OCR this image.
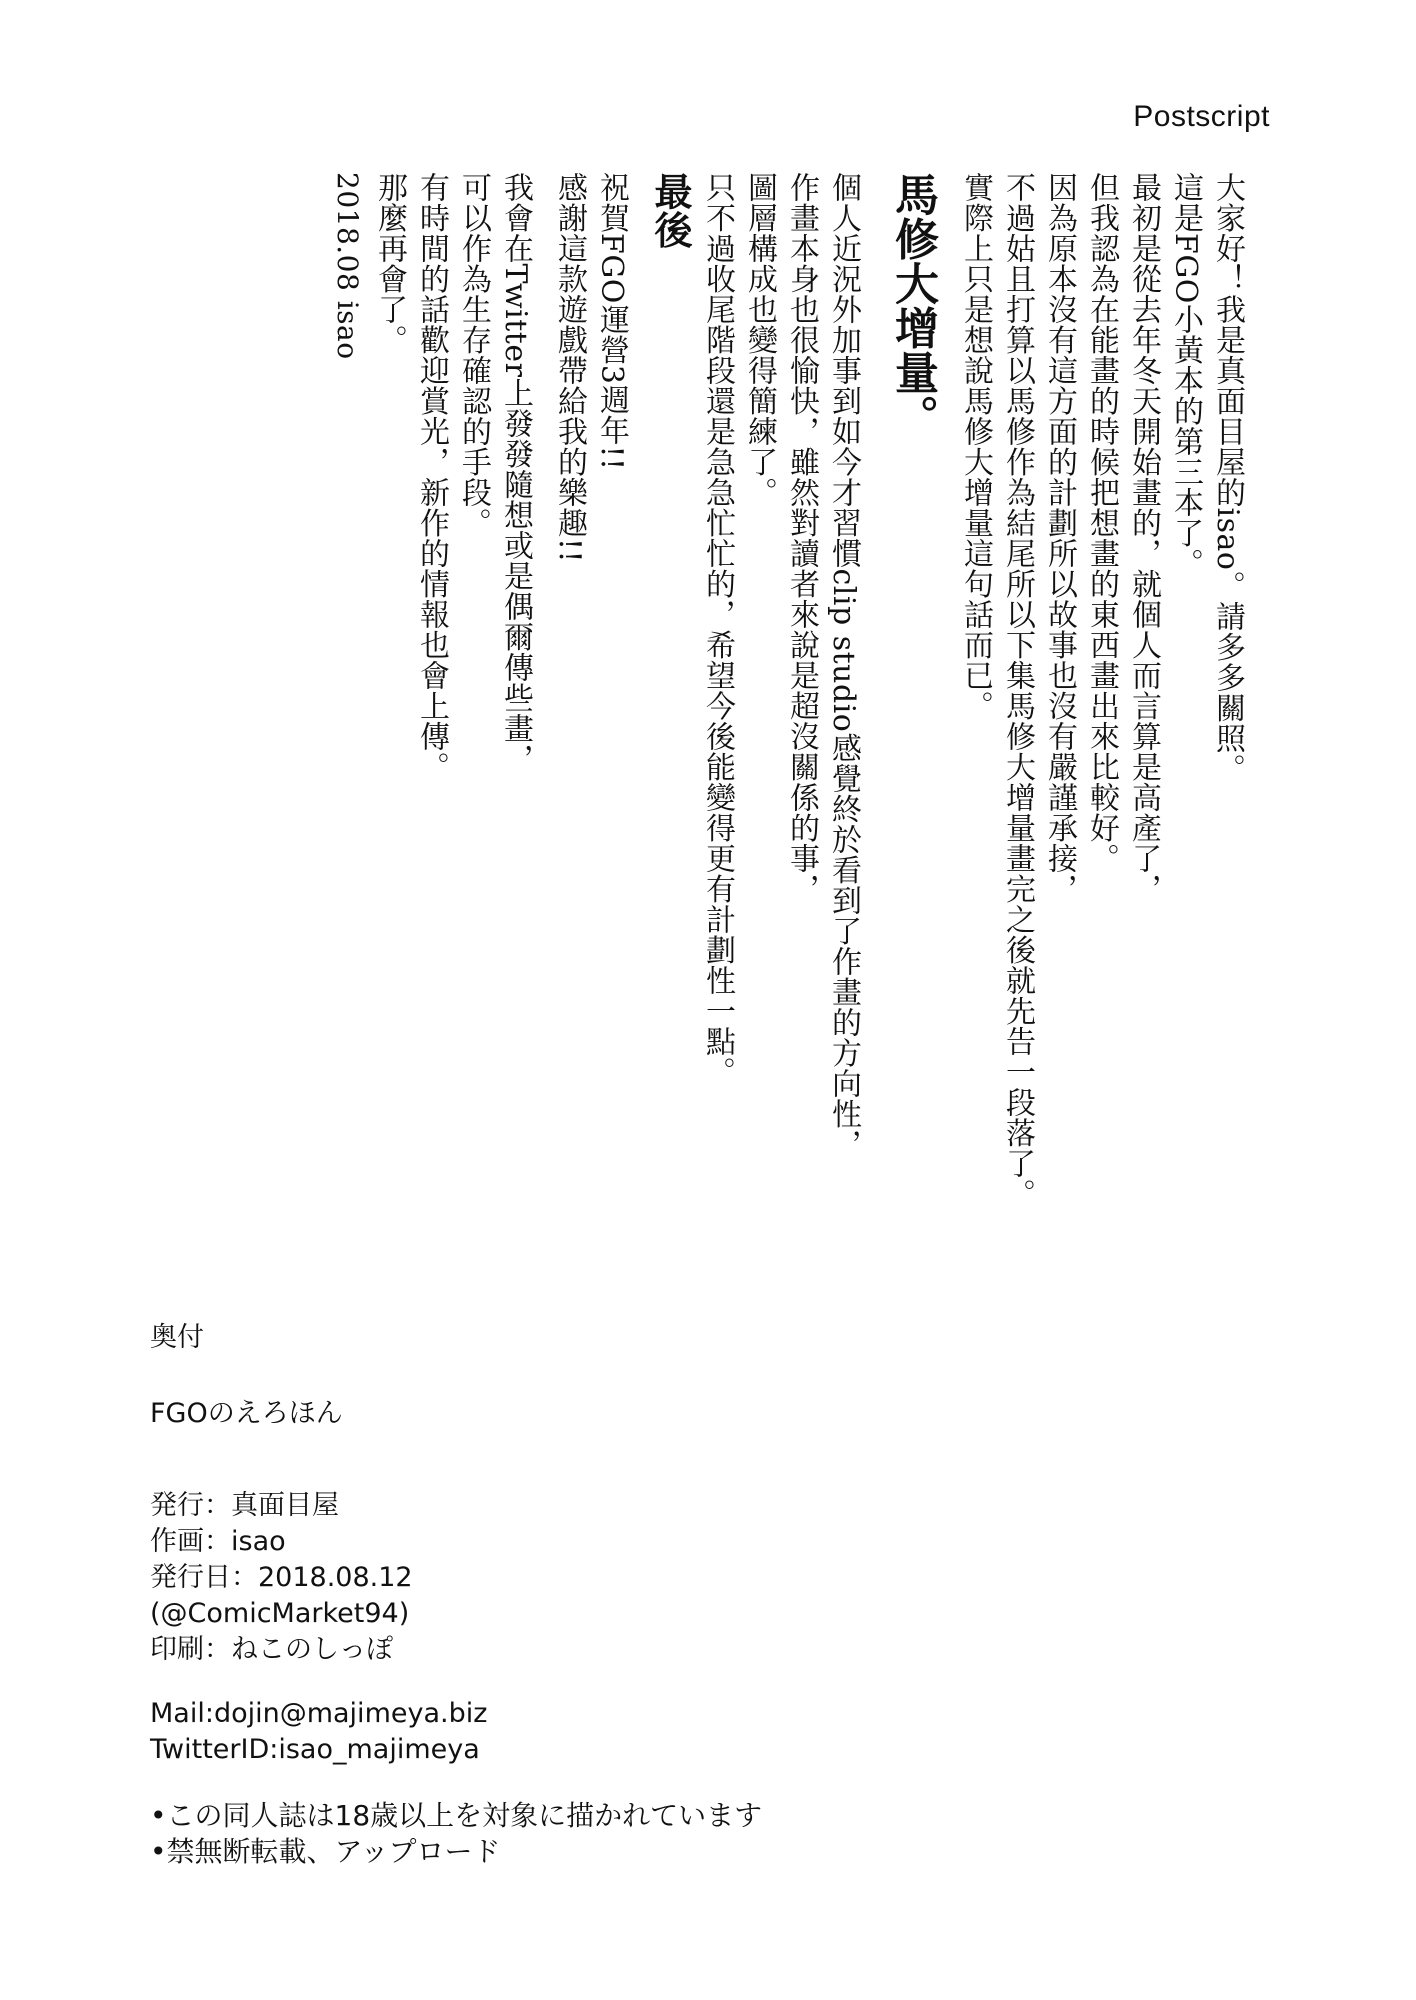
Postscript

大家好！我是真面目屋的isao。請多多關照。

這是FGO小黃本的第三本了。

最初是從去年冬天開始畫的，就個人而言算是高產了，

但我認為在能畫的時候把想畫的東西畫出來比較好。

因為原本沒有這方面的計劃所以故事也沒有嚴謹承接，

不過姑且打算以馬修作為結尾所以下集馬修大增量畫完之後就先告一段落了。

實際上只是想說馬修大增量這句話而已。

馬修大增量。

個人近況外加事到如今才習慣clip studio感覺終於看到了作畫的方向性，

作畫本身也很愉快，雖然對讀者來說是超沒關係的事，

圖層構成也變得簡練了。

只不過收尾階段還是急急忙忙的，希望今後能變得更有計劃性一點。

最後

祝賀FGO運營3週年!!

感謝這款遊戲帶給我的樂趣!!

我會在Twitter上發發隨想或是偶爾傳些畫，

可以作為生存確認的手段。

有時間的話歡迎賞光，新作的情報也會上傳。

那麼再會了。

2018.08 isao

奥付
FGOのえろほん
発行：真面目屋
作画：isao
発行日：2018.08.12
(@ComicMarket94)
印刷：ねこのしっぽ
Mail:dojin@majimeya.biz
TwitterID:isao_majimeya
•この同人誌は18歳以上を対象に描かれています
•禁無断転載、アップロード
